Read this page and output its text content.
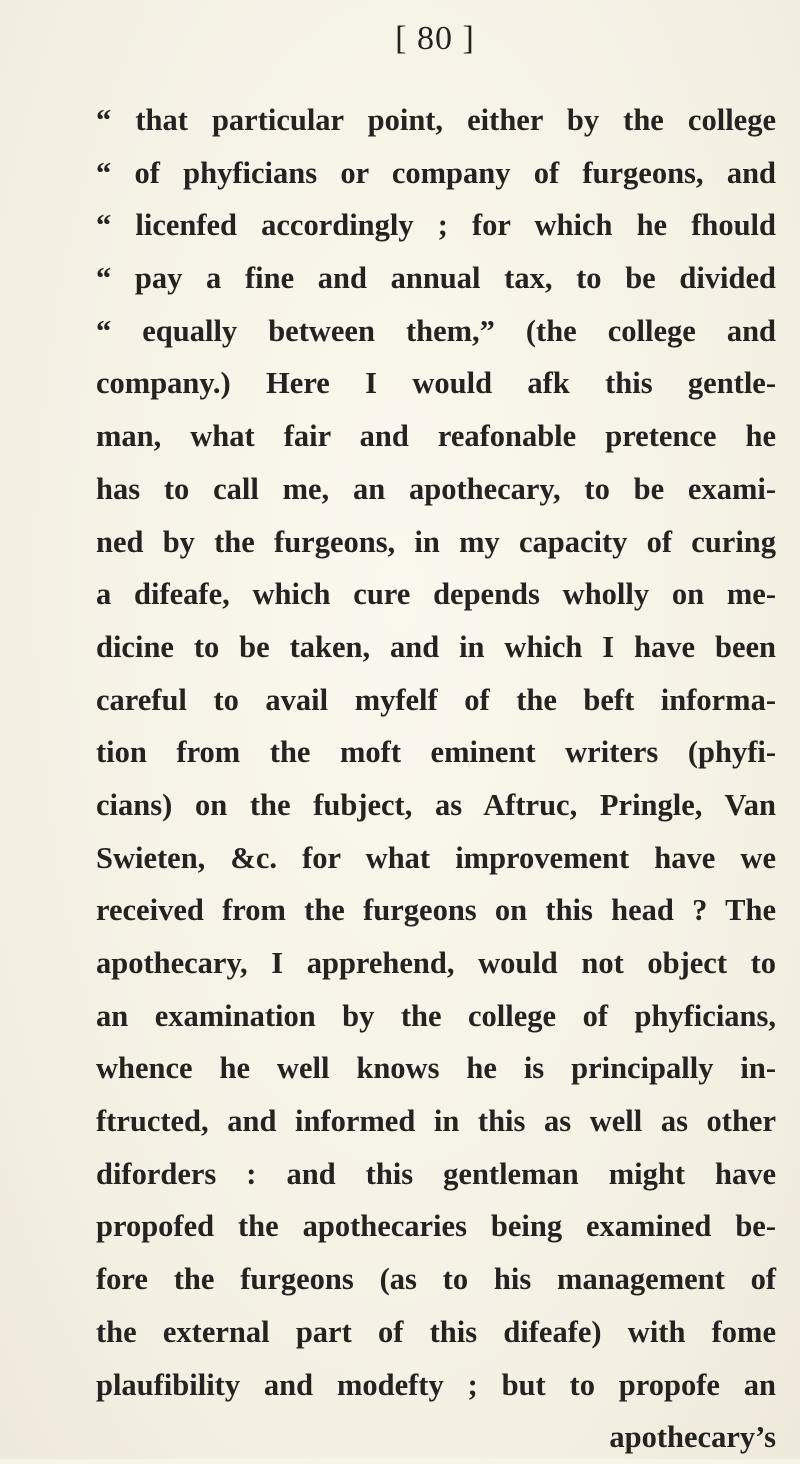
[ 80 ]
“ that particular point, either by the college
“ of phyficians or company of furgeons, and
“ licenfed accordingly ; for which he fhould
“ pay a fine and annual tax, to be divided
“ equally between them,” (the college and
company.) Here I would afk this gentle-
man, what fair and reafonable pretence he
has to call me, an apothecary, to be exami-
ned by the furgeons, in my capacity of curing
a difeafe, which cure depends wholly on me-
dicine to be taken, and in which I have been
careful to avail myfelf of the beft informa-
tion from the moft eminent writers (phyfi-
cians) on the fubject, as Aftruc, Pringle, Van
Swieten, &c. for what improvement have we
received from the furgeons on this head ? The
apothecary, I apprehend, would not object to
an examination by the college of phyficians,
whence he well knows he is principally in-
ftructed, and informed in this as well as other
diforders : and this gentleman might have
propofed the apothecaries being examined be-
fore the furgeons (as to his management of
the external part of this difeafe) with fome
plaufibility and modefty ; but to propofe an
apothecary’s
